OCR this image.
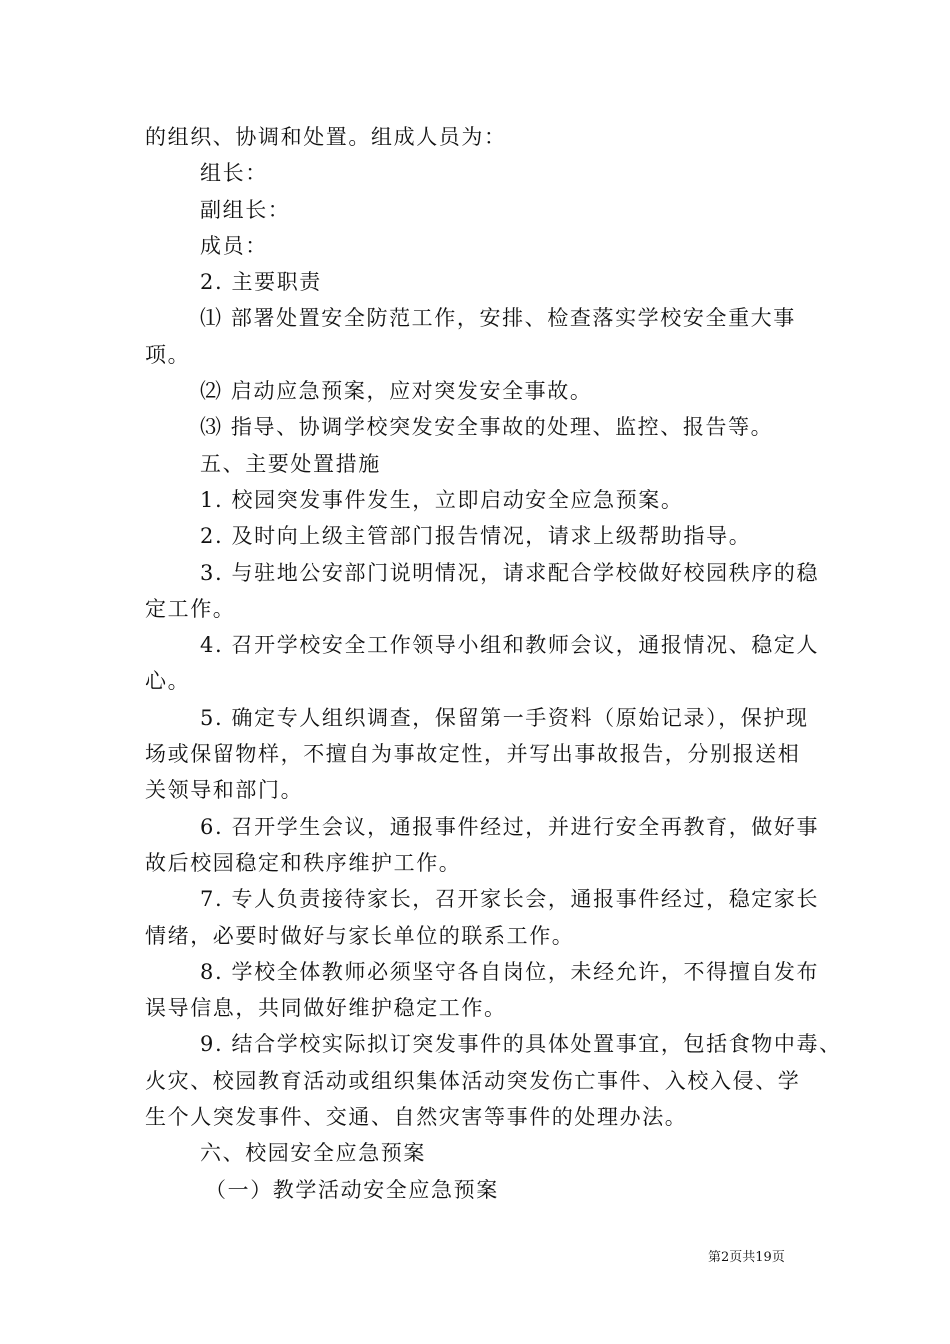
的组织、协调和处置。组成人员为：
组长：
副组长：
成员：
2. 主要职责
⑴ 部署处置安全防范工作，安排、检查落实学校安全重大事
项。
⑵ 启动应急预案，应对突发安全事故。
⑶ 指导、协调学校突发安全事故的处理、监控、报告等。
五、主要处置措施
1. 校园突发事件发生，立即启动安全应急预案。
2. 及时向上级主管部门报告情况，请求上级帮助指导。
3. 与驻地公安部门说明情况，请求配合学校做好校园秩序的稳
定工作。
4. 召开学校安全工作领导小组和教师会议，通报情况、稳定人
心。
5. 确定专人组织调查，保留第一手资料（原始记录），保护现
场或保留物样，不擅自为事故定性，并写出事故报告，分别报送相
关领导和部门。
6. 召开学生会议，通报事件经过，并进行安全再教育，做好事
故后校园稳定和秩序维护工作。
7. 专人负责接待家长，召开家长会，通报事件经过，稳定家长
情绪，必要时做好与家长单位的联系工作。
8. 学校全体教师必须坚守各自岗位，未经允许，不得擅自发布
误导信息，共同做好维护稳定工作。
9. 结合学校实际拟订突发事件的具体处置事宜，包括食物中毒、
火灾、校园教育活动或组织集体活动突发伤亡事件、入校入侵、学
生个人突发事件、交通、自然灾害等事件的处理办法。
六、校园安全应急预案
（一）教学活动安全应急预案
第2页共19页
